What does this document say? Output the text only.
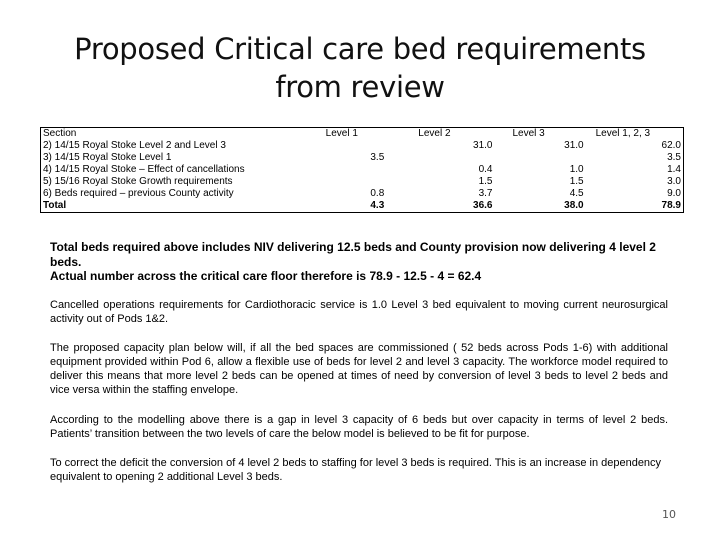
Proposed Critical care bed requirements from review
Section	Level 1	Level 2	Level 3	Level 1, 2, 3
2) 14/15 Royal Stoke Level 2 and Level 3		31.0	31.0	62.0
3) 14/15 Royal Stoke Level 1	3.5			3.5
4) 14/15 Royal Stoke – Effect of cancellations		0.4	1.0	1.4
5) 15/16 Royal Stoke Growth requirements		1.5	1.5	3.0
6) Beds required – previous County activity	0.8	3.7	4.5	9.0
Total	4.3	36.6	38.0	78.9
Total beds required above includes NIV delivering 12.5 beds and County provision now delivering 4 level 2 beds.
Actual number across the critical care floor therefore is 78.9 - 12.5 - 4 = 62.4
Cancelled operations requirements for Cardiothoracic service is 1.0 Level 3 bed equivalent to moving current neurosurgical activity out of Pods 1&2.
The proposed capacity plan below will, if all the bed spaces are commissioned ( 52 beds across Pods 1-6) with additional equipment provided within Pod 6, allow a flexible use of beds for level 2 and level 3 capacity. The workforce model required to deliver this means that more level 2 beds can be opened at times of need by conversion of level 3 beds to level 2 beds and vice versa within the staffing envelope.
According to the modelling above there is a gap in level 3 capacity of 6 beds but over capacity in terms of level 2 beds. Patients’ transition between the two levels of care the below model is believed to be fit for purpose.
To correct the deficit the conversion of 4 level 2 beds to staffing for level 3 beds is required. This is an increase in dependency equivalent to opening 2 additional Level 3 beds.
10
